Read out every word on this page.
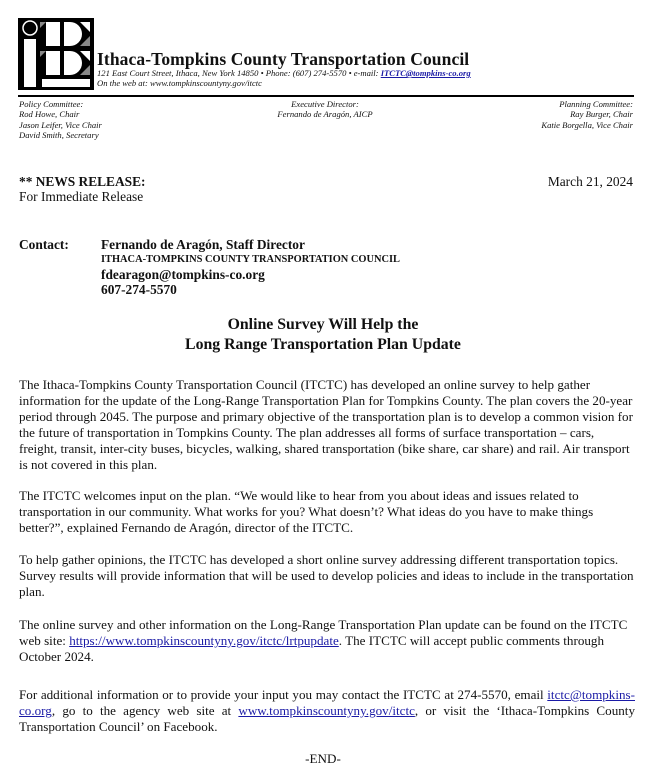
Ithaca-Tompkins County Transportation Council
121 East Court Street, Ithaca, New York 14850 • Phone: (607) 274-5570 • e-mail: ITCTC@tompkins-co.org
On the web at: www.tompkinscountyny.gov/itctc
Policy Committee:
Rod Howe, Chair
Jason Leifer, Vice Chair
David Smith, Secretary
Executive Director:
Fernando de Aragón, AICP
Planning Committee:
Ray Burger, Chair
Katie Borgella, Vice Chair
** NEWS RELEASE:
For Immediate Release
March 21, 2024
Contact: Fernando de Aragón, Staff Director
ITHACA-TOMPKINS COUNTY TRANSPORTATION COUNCIL
fdearagon@tompkins-co.org
607-274-5570
Online Survey Will Help the
Long Range Transportation Plan Update
The Ithaca-Tompkins County Transportation Council (ITCTC) has developed an online survey to help gather information for the update of the Long-Range Transportation Plan for Tompkins County. The plan covers the 20-year period through 2045. The purpose and primary objective of the transportation plan is to develop a common vision for the future of transportation in Tompkins County. The plan addresses all forms of surface transportation – cars, freight, transit, inter-city buses, bicycles, walking, shared transportation (bike share, car share) and rail. Air transport is not covered in this plan.
The ITCTC welcomes input on the plan. “We would like to hear from you about ideas and issues related to transportation in our community. What works for you? What doesn’t? What ideas do you have to make things better?”, explained Fernando de Aragón, director of the ITCTC.
To help gather opinions, the ITCTC has developed a short online survey addressing different transportation topics. Survey results will provide information that will be used to develop policies and ideas to include in the transportation plan.
The online survey and other information on the Long-Range Transportation Plan update can be found on the ITCTC web site: https://www.tompkinscountyny.gov/itctc/lrtpupdate. The ITCTC will accept public comments through October 2024.
For additional information or to provide your input you may contact the ITCTC at 274-5570, email itctc@tompkins-co.org, go to the agency web site at www.tompkinscountyny.gov/itctc, or visit the ‘Ithaca-Tompkins County Transportation Council’ on Facebook.
-END-
